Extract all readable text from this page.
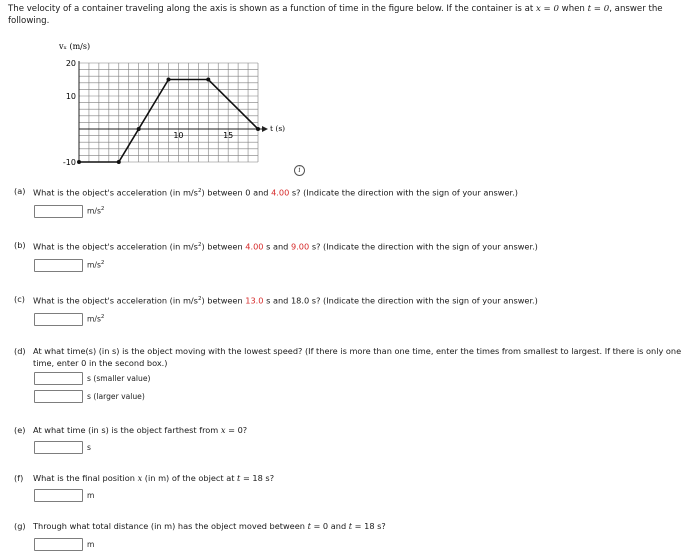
The velocity of a container traveling along the axis is shown as a function of time in the figure below. If the container is at x = 0 when t = 0, answer the following.
20
10
-10
10	15
vₓ (m/s)
t (s)
i
(a) What is the object's acceleration (in $m/s^2$) between 0 and 4.00 s? (Indicate the direction with the sign of your answer.)
$m/s^2$
(b) What is the object's acceleration (in $m/s^2$) between 4.00 s and 9.00 s? (Indicate the direction with the sign of your answer.)
$m/s^2$
(c) What is the object's acceleration (in $m/s^2$) between 13.0 s and 18.0 s? (Indicate the direction with the sign of your answer.)
$m/s^2$
(d) At what time(s) (in s) is the object moving with the lowest speed? (If there is more than one time, enter the times from smallest to largest. If there is only one time, enter 0 in the second box.)
s (smaller value)
s (larger value)
(e) At what time (in s) is the object farthest from x = 0?
s
(f) What is the final position x (in m) of the object at t = 18 s?
m
(g) Through what total distance (in m) has the object moved between t = 0 and t = 18 s?
m
